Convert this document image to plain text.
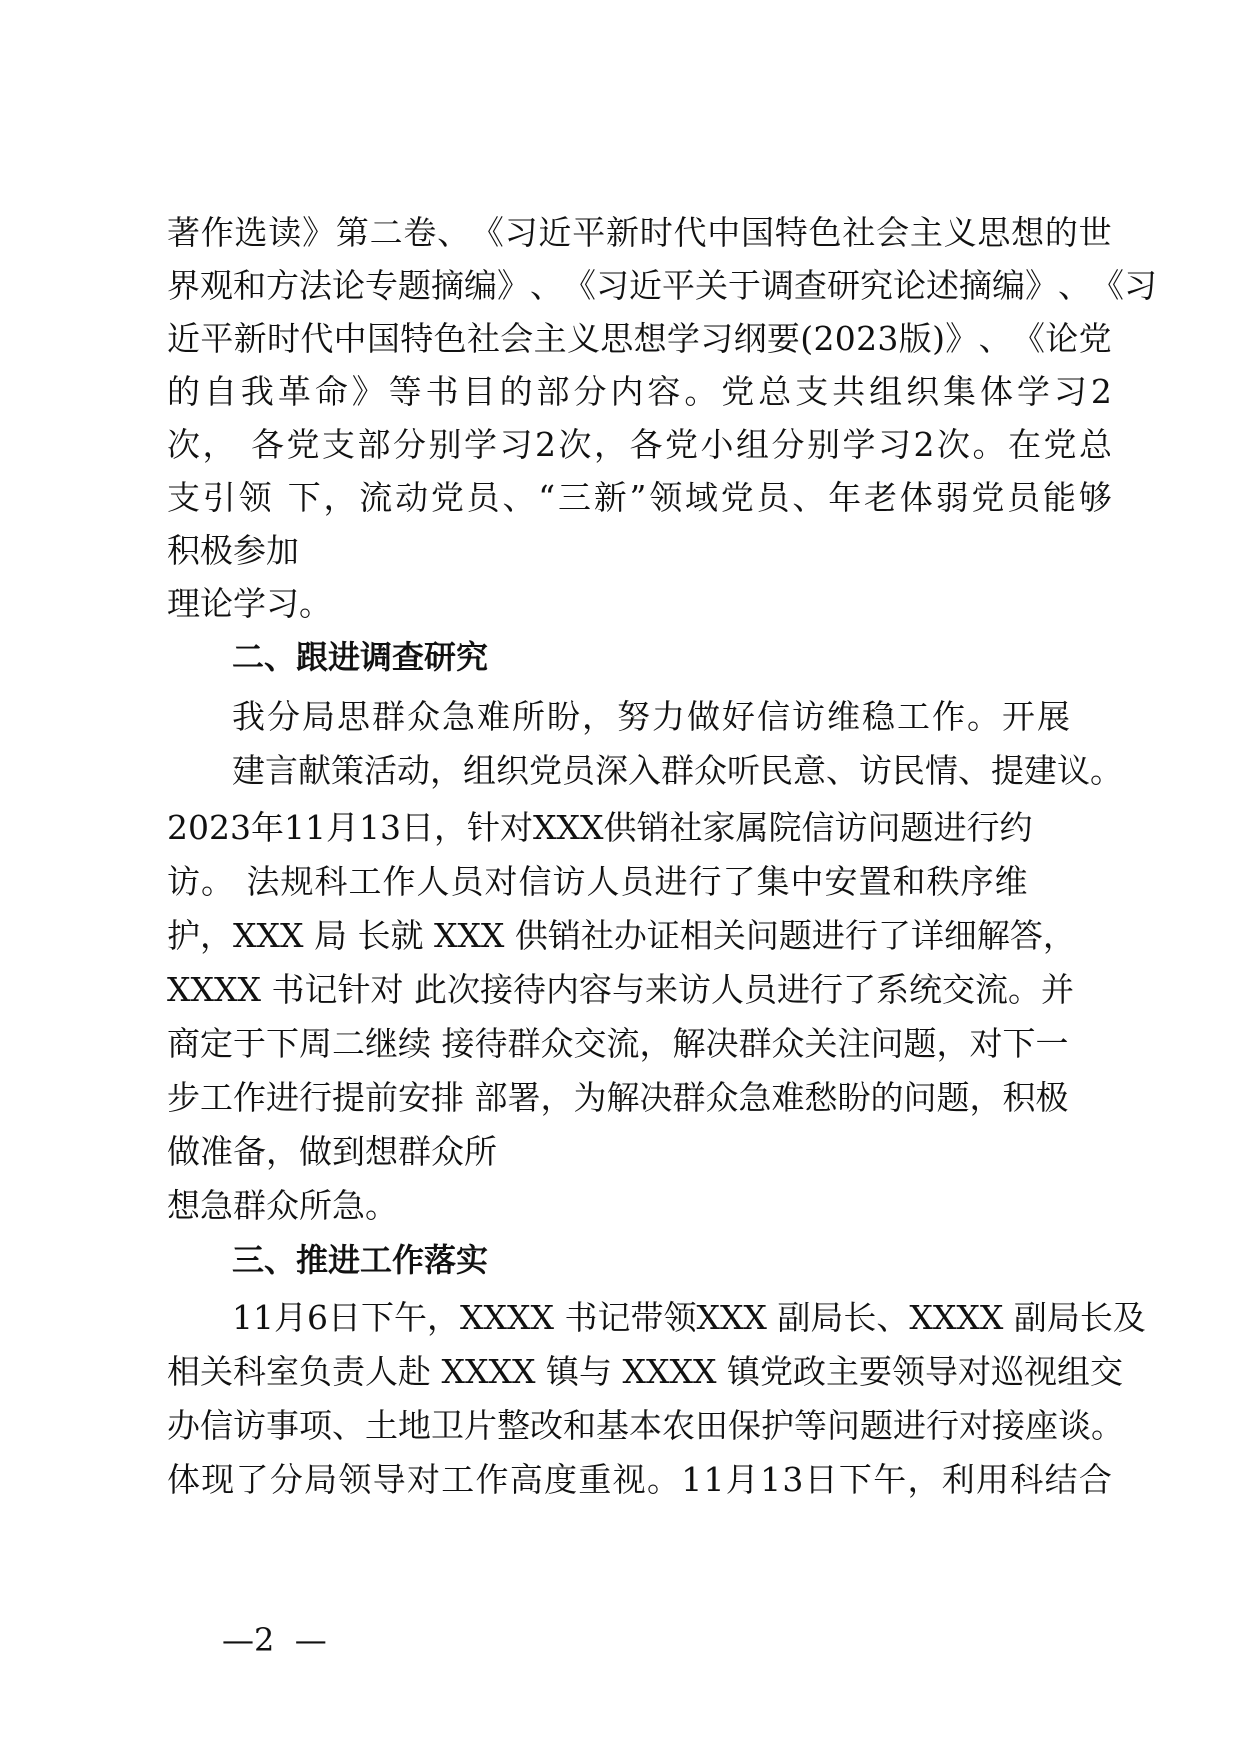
著 作 选 读 》 第 二 卷 、 《 习 近 平 新 时 代 中 国 特 色 社 会 主 义 思 想 的 世
界 观 和 方 法 论 专 题 摘 编 》 、 《 习 近 平 关 于 调 查 研 究 论 述 摘 编 》 、 《 习
近 平 新 时 代 中 国 特 色 社 会 主 义 思 想 学 习 纲 要 ( 2 0 2 3 版 ) 》 、 《 论 党
的 自 我 革 命 》 等 书 目 的 部 分 内 容 。 党 总 支 共 组 织 集 体 学 习 2
次 ，
各 党 支 部 分 别 学 习 2 次 ， 各 党 小 组 分 别 学 习 2 次 。 在 党 总
支 引 领
下 ， 流 动 党 员 、 “ 三 新 ” 领 域 党 员 、 年 老 体 弱 党 员 能 够
积极参加
理论学习。
二、跟进调查研究
我分局思群众急难所盼，努力做好信访维稳工作。开展
建言献策活动，组织党员深入群众听民意、访民情、提建议。
2023年11月13日，针对XXX供销社家属院信访问题进行约
访。 法规科工作人员对信访人员进行了集中安置和秩序维
护，XXX 局 长就 XXX 供销社办证相关问题进行了详细解答，
XXXX 书记针对 此次接待内容与来访人员进行了系统交流。并
商定于下周二继续 接待群众交流，解决群众关注问题，对下一
步工作进行提前安排 部署，为解决群众急难愁盼的问题，积极
做准备，做到想群众所
想急群众所急。
三、推进工作落实
11月6日下午，XXXX 书记带领XXX 副局长、XXXX 副局长及
相 关 科 室 负 责 人 赴
X X X X
镇 与
X X X X
镇 党 政 主 要 领 导 对 巡 视 组 交
办 信 访 事 项 、 土 地 卫 片 整 改 和 基 本 农 田 保 护 等 问 题 进 行 对 接 座 谈 。
体 现 了 分 局 领 导 对 工 作 高 度 重 视 。 1 1 月 1 3 日 下 午 ， 利 用 科 结 合
—2  —
